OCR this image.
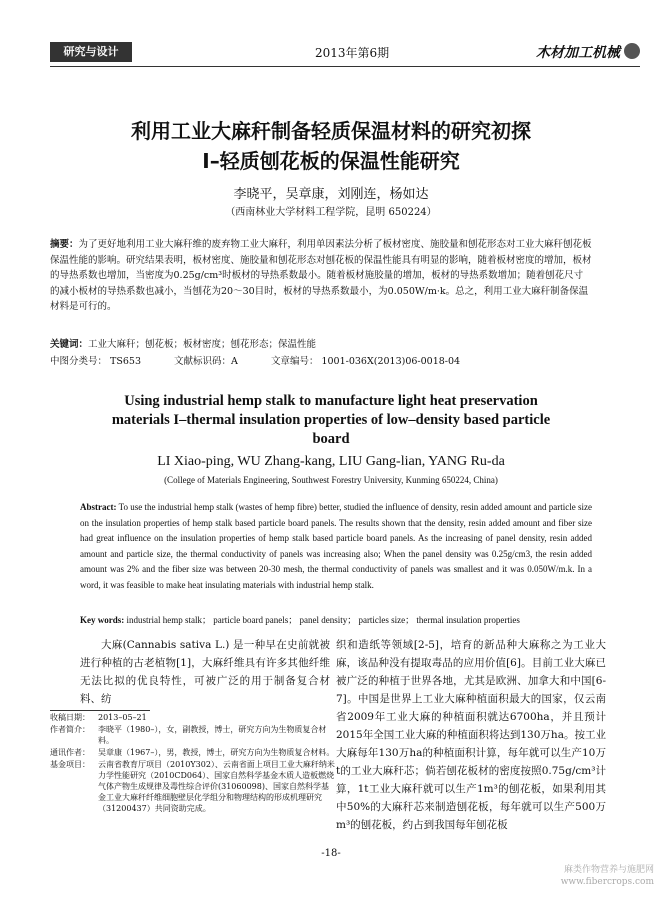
研究与设计	2013年第6期	木材加工机械
利用工业大麻秆制备轻质保温材料的研究初探
I–轻质刨花板的保温性能研究
李晓平，吴章康，刘刚连，杨如达
（西南林业大学材料工程学院，昆明 650224）
摘要：为了更好地利用工业大麻秆维的废弃物工业大麻秆，利用单因素法分析了板材密度、施胶量和刨花形态对工业大麻秆刨花板保温性能的影响。研究结果表明，板材密度、施胶量和刨花形态对刨花板的保温性能具有明显的影响，随着板材密度的增加，板材的导热系数也增加，当密度为0.25g/cm³时板材的导热系数最小。随着板材施胶量的增加，板材的导热系数增加；随着刨花尺寸的减小板材的导热系数也减小，当刨花为20～30目时，板材的导热系数最小，为0.050W/m·k。总之，利用工业大麻秆制备保温材料是可行的。
关键词：工业大麻秆；刨花板；板材密度；刨花形态；保温性能
中图分类号： TS653	文献标识码：A	文章编号： 1001-036X(2013)06-0018-04
Using industrial hemp stalk to manufacture light heat preservation
materials I–thermal insulation properties of low–density based particle
board
LI Xiao-ping, WU Zhang-kang, LIU Gang-lian, YANG Ru-da
(College of Materials Engineering, Southwest Forestry University, Kunming 650224, China)
Abstract: To use the industrial hemp stalk (wastes of hemp fibre) better, studied the influence of density, resin added amount and particle size on the insulation properties of hemp stalk based particle board panels. The results shown that the density, resin added amount and fiber size had great influence on the insulation properties of hemp stalk based particle board panels. As the increasing of panel density, resin added amount and particle size, the thermal conductivity of panels was increasing also; When the panel density was 0.25g/cm3, the resin added amount was 2% and the fiber size was between 20-30 mesh, the thermal conductivity of panels was smallest and it was 0.050W/m.k. In a word, it was feasible to make heat insulating materials with industrial hemp stalk.
Key words: industrial hemp stalk； particle board panels； panel density； particles size； thermal insulation properties
大麻(Cannabis sativa L.) 是一种早在史前就被进行种植的古老植物[1]，大麻纤维具有许多其他纤维无法比拟的优良特性，可被广泛的用于制备复合材料、纺
织和造纸等领域[2-5]，培育的新品种大麻称之为工业大麻，该品种没有提取毒品的应用价值[6]。目前工业大麻已被广泛的种植于世界各地，尤其是欧洲、加拿大和中国[6-7]。中国是世界上工业大麻种植面积最大的国家，仅云南省2009年工业大麻的种植面积就达6700ha，并且预计2015年全国工业大麻的种植面积将达到130万ha。按工业大麻每年130万ha的种植面积计算，每年就可以生产10万t的工业大麻秆芯；倘若刨花板材的密度按照0.75g/cm³计算，1t工业大麻秆就可以生产1m³的刨花板，如果利用其中50%的大麻秆芯来制造刨花板，每年就可以生产500万m³的刨花板，约占到我国每年刨花板
收稿日期：	2013–05–21
作者简介：	李晓平（1980–），女，副教授，博士，研究方向为生物质复合材料。
通讯作者：	吴章康（1967–），男，教授，博士，研究方向为生物质复合材料。
基金项目：	云南省教育厅项目（2010Y302）、云南省面上项目工业大麻秆纳米力学性能研究（2010CD064）、国家自然科学基金木质人造板燃烧气体产物生成规律及毒性综合评价(31060098)、国家自然科学基金工业大麻秆纤维细胞壁层化学组分和物理结构的形成机理研究（31200437）共同资助完成。
-18-
麻类作物营养与施肥网
www.fibercrops.com
